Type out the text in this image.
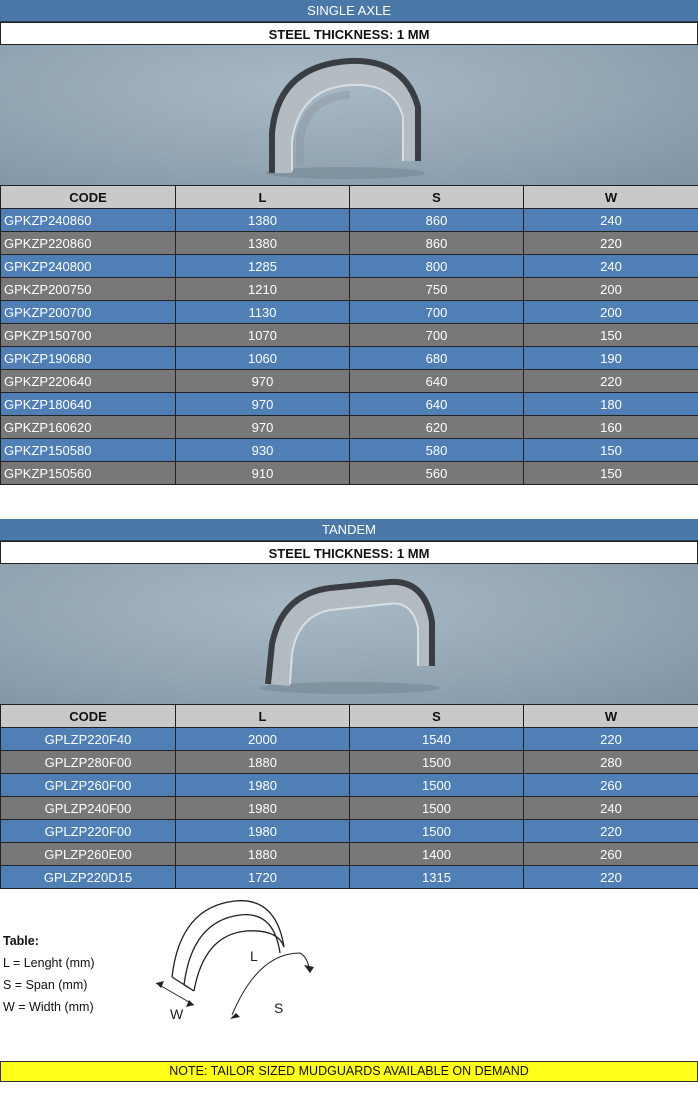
SINGLE AXLE
STEEL THICKNESS: 1 MM
CODE	L	S	W
GPKZP240860	1380	860	240
GPKZP220860	1380	860	220
GPKZP240800	1285	800	240
GPKZP200750	1210	750	200
GPKZP200700	1130	700	200
GPKZP150700	1070	700	150
GPKZP190680	1060	680	190
GPKZP220640	970	640	220
GPKZP180640	970	640	180
GPKZP160620	970	620	160
GPKZP150580	930	580	150
GPKZP150560	910	560	150
TANDEM
STEEL THICKNESS: 1 MM
CODE	L	S	W
GPLZP220F40	2000	1540	220
GPLZP280F00	1880	1500	280
GPLZP260F00	1980	1500	260
GPLZP240F00	1980	1500	240
GPLZP220F00	1980	1500	220
GPLZP260E00	1880	1400	260
GPLZP220D15	1720	1315	220
Table:
L = Lenght (mm)
S = Span (mm)
W = Width (mm)
L
S
W
NOTE: TAILOR SIZED MUDGUARDS AVAILABLE ON DEMAND
